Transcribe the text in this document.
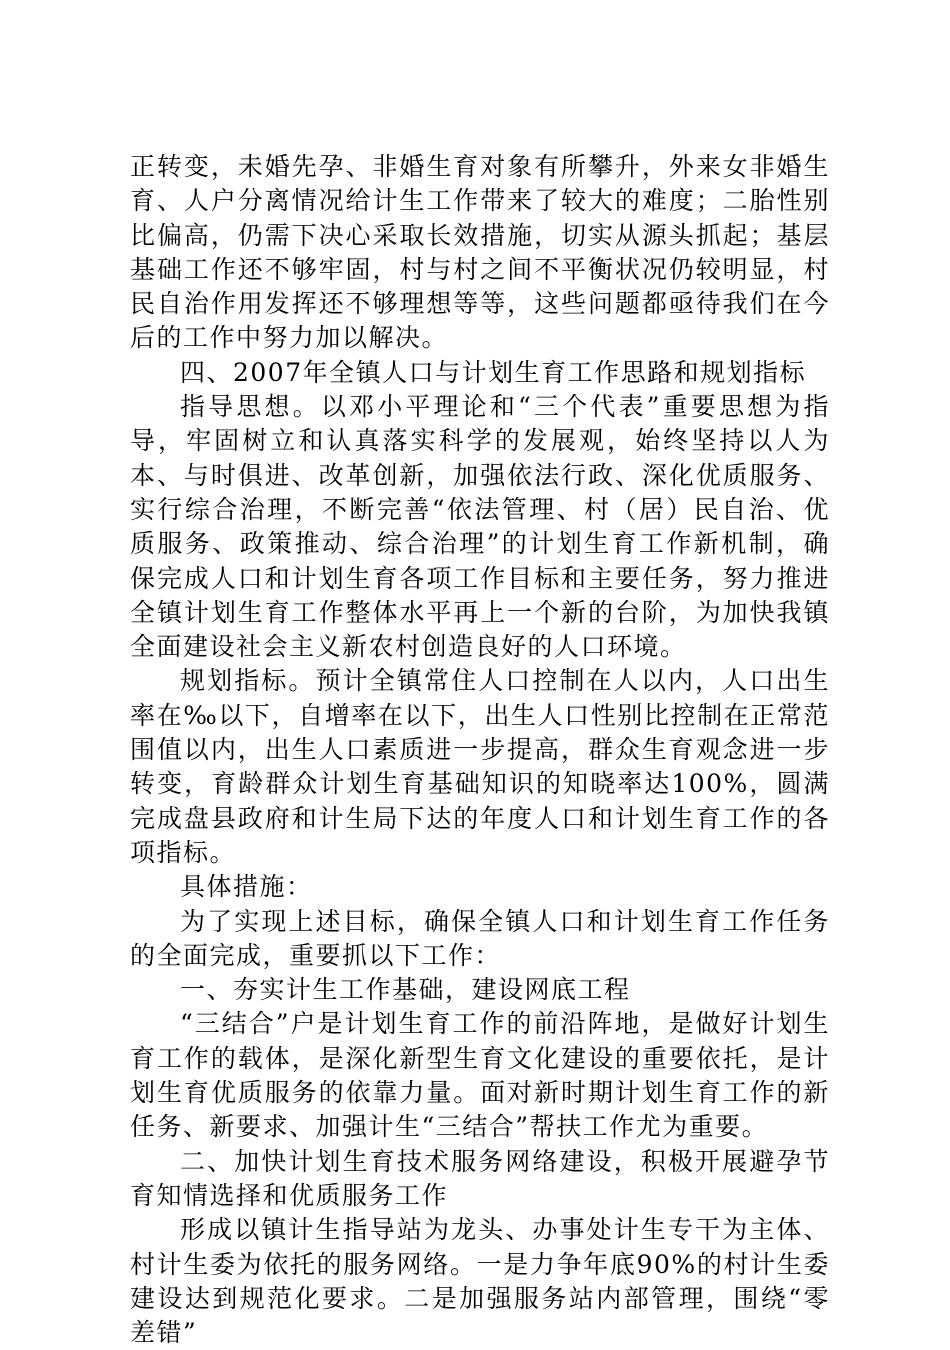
正转变，未婚先孕、非婚生育对象有所攀升，外来女非婚生育、人户分离情况给计生工作带来了较大的难度；二胎性别比偏高，仍需下决心采取长效措施，切实从源头抓起；基层基础工作还不够牢固，村与村之间不平衡状况仍较明显，村民自治作用发挥还不够理想等等，这些问题都亟待我们在今后的工作中努力加以解决。

四、2007年全镇人口与计划生育工作思路和规划指标

指导思想。以邓小平理论和“三个代表”重要思想为指导，牢固树立和认真落实科学的发展观，始终坚持以人为本、与时俱进、改革创新，加强依法行政、深化优质服务、实行综合治理，不断完善“依法管理、村（居）民自治、优质服务、政策推动、综合治理”的计划生育工作新机制，确保完成人口和计划生育各项工作目标和主要任务，努力推进全镇计划生育工作整体水平再上一个新的台阶，为加快我镇全面建设社会主义新农村创造良好的人口环境。

规划指标。预计全镇常住人口控制在人以内，人口出生率在‰以下，自增率在以下，出生人口性别比控制在正常范围值以内，出生人口素质进一步提高，群众生育观念进一步转变，育龄群众计划生育基础知识的知晓率达100%，圆满完成盘县政府和计生局下达的年度人口和计划生育工作的各项指标。

具体措施：

为了实现上述目标，确保全镇人口和计划生育工作任务的全面完成，重要抓以下工作：

一、夯实计生工作基础，建设网底工程

“三结合”户是计划生育工作的前沿阵地，是做好计划生育工作的载体，是深化新型生育文化建设的重要依托，是计划生育优质服务的依靠力量。面对新时期计划生育工作的新任务、新要求、加强计生“三结合”帮扶工作尤为重要。

二、加快计划生育技术服务网络建设，积极开展避孕节育知情选择和优质服务工作

形成以镇计生指导站为龙头、办事处计生专干为主体、村计生委为依托的服务网络。一是力争年底90%的村计生委建设达到规范化要求。二是加强服务站内部管理，围绕“零差错”
